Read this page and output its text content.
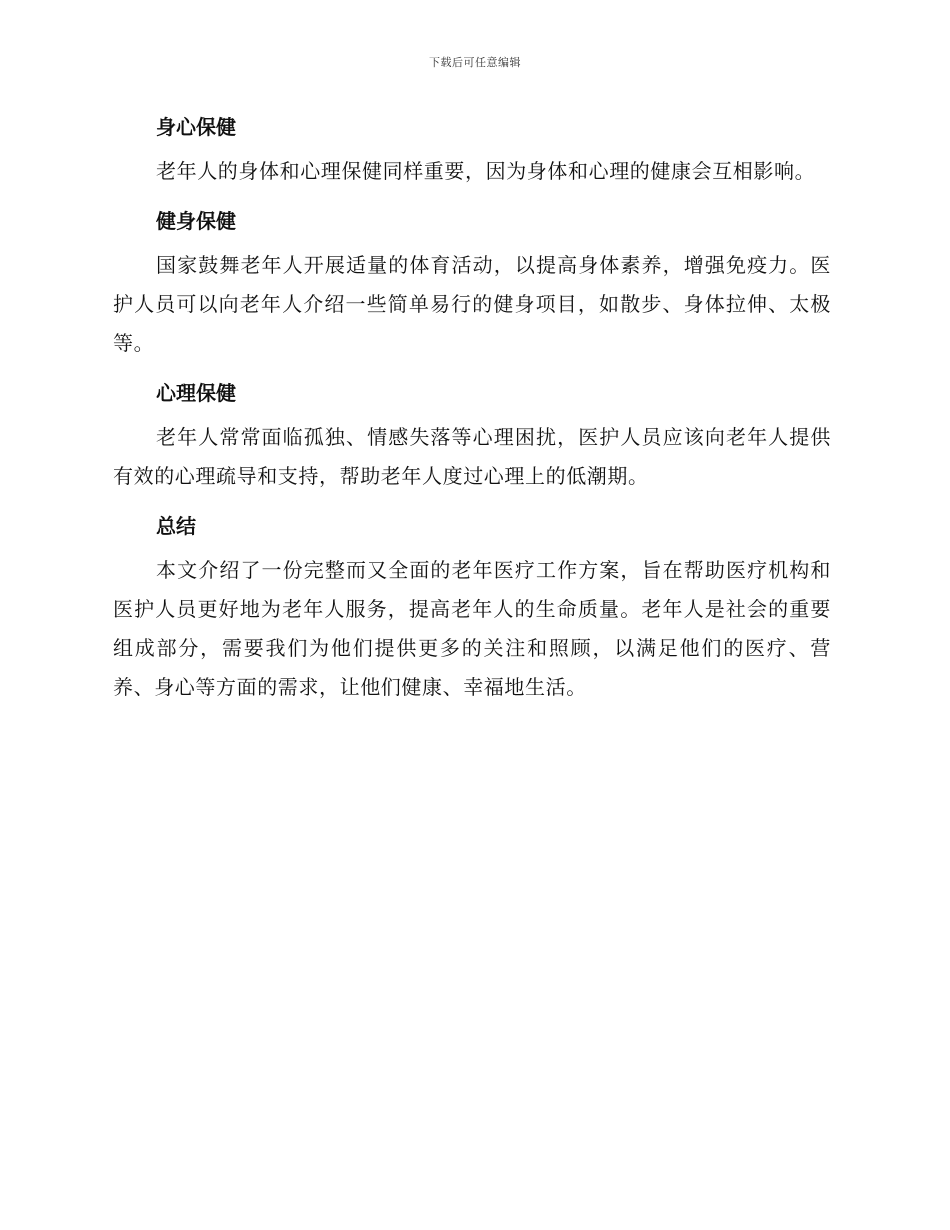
下载后可任意编辑
身心保健

老年人的身体和心理保健同样重要，因为身体和心理的健康会互相影响。

健身保健

国家鼓舞老年人开展适量的体育活动，以提高身体素养，增强免疫力。医护人员可以向老年人介绍一些简单易行的健身项目，如散步、身体拉伸、太极等。

心理保健

老年人常常面临孤独、情感失落等心理困扰，医护人员应该向老年人提供有效的心理疏导和支持，帮助老年人度过心理上的低潮期。

总结

本文介绍了一份完整而又全面的老年医疗工作方案，旨在帮助医疗机构和医护人员更好地为老年人服务，提高老年人的生命质量。老年人是社会的重要组成部分，需要我们为他们提供更多的关注和照顾，以满足他们的医疗、营养、身心等方面的需求，让他们健康、幸福地生活。
